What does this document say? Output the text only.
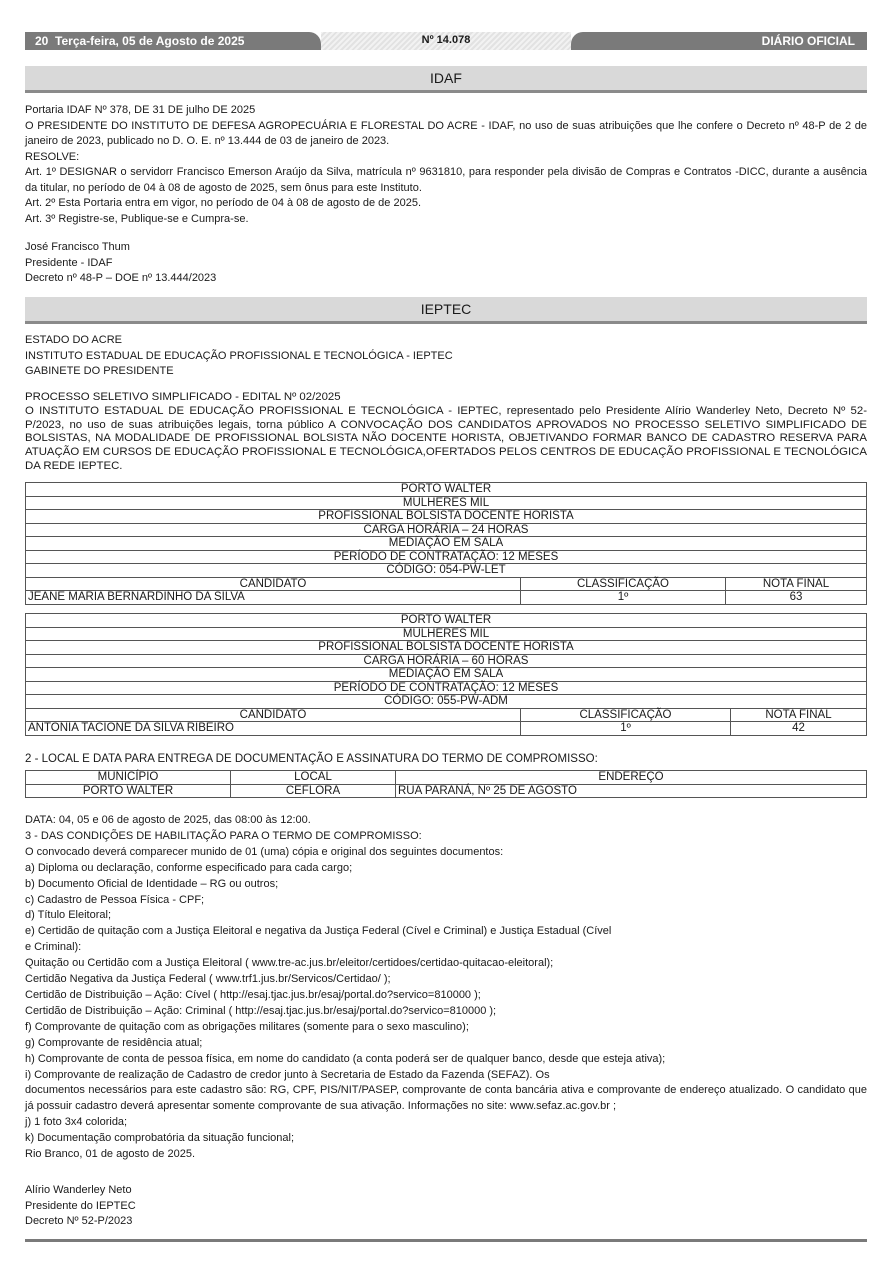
20 Terça-feira, 05 de Agosto de 2025	Nº 14.078	DIÁRIO OFICIAL
IDAF

Portaria IDAF Nº 378, DE 31 DE julho DE 2025

O PRESIDENTE DO INSTITUTO DE DEFESA AGROPECUÁRIA E FLORESTAL DO ACRE - IDAF, no uso de suas atribuições que lhe confere o Decreto nº 48-P de 2 de janeiro de 2023, publicado no D. O. E. nº 13.444 de 03 de janeiro de 2023.

RESOLVE:

Art. 1º DESIGNAR o servidorr Francisco Emerson Araújo da Silva, matrícula nº 9631810, para responder pela divisão de Compras e Contratos -DICC, durante a ausência da titular, no período de 04 à 08 de agosto de 2025, sem ônus para este Instituto.

Art. 2º Esta Portaria entra em vigor, no período de 04 à 08 de agosto de de 2025.

Art. 3º Registre-se, Publique-se e Cumpra-se.

José Francisco Thum

Presidente - IDAF

Decreto nº 48-P – DOE nº 13.444/2023

IEPTEC

ESTADO DO ACRE

INSTITUTO ESTADUAL DE EDUCAÇÃO PROFISSIONAL E TECNOLÓGICA - IEPTEC

GABINETE DO PRESIDENTE

PROCESSO SELETIVO SIMPLIFICADO - EDITAL Nº 02/2025

O INSTITUTO ESTADUAL DE EDUCAÇÃO PROFISSIONAL E TECNOLÓGICA - IEPTEC, representado pelo Presidente Alírio Wanderley Neto, Decreto Nº 52-P/2023, no uso de suas atribuições legais, torna público A CONVOCAÇÃO DOS CANDIDATOS APROVADOS NO PROCESSO SELETIVO SIMPLIFICADO DE BOLSISTAS, NA MODALIDADE DE PROFISSIONAL BOLSISTA NÃO DOCENTE HORISTA, OBJETIVANDO FORMAR BANCO DE CADASTRO RESERVA PARA ATUAÇÃO EM CURSOS DE EDUCAÇÃO PROFISSIONAL E TECNOLÓGICA,OFERTADOS PELOS CENTROS DE EDUCAÇÃO PROFISSIONAL E TECNOLÓGICA DA REDE IEPTEC.

PORTO WALTER		
MULHERES MIL		
PROFISSIONAL BOLSISTA DOCENTE HORISTA		
CARGA HORÁRIA – 24 HORAS		
MEDIAÇÃO EM SALA		
PERÍODO DE CONTRATAÇÃO: 12 MESES		
CÓDIGO: 054-PW-LET		
CANDIDATO	CLASSIFICAÇÃO	NOTA FINAL
JEANE MARIA BERNARDINHO DA SILVA	1º	63
PORTO WALTER		
MULHERES MIL		
PROFISSIONAL BOLSISTA DOCENTE HORISTA		
CARGA HORÁRIA – 60 HORAS		
MEDIAÇÃO EM SALA		
PERÍODO DE CONTRATAÇÃO: 12 MESES		
CÓDIGO: 055-PW-ADM		
CANDIDATO	CLASSIFICAÇÃO	NOTA FINAL
ANTONIA TACIONE DA SILVA RIBEIRO	1º	42
2 - LOCAL E DATA PARA ENTREGA DE DOCUMENTAÇÃO E ASSINATURA DO TERMO DE COMPROMISSO:
MUNICÍPIO	LOCAL	ENDEREÇO
PORTO WALTER	CEFLORA	RUA PARANÁ, Nº 25 DE AGOSTO

DATA: 04, 05 e 06 de agosto de 2025, das 08:00 às 12:00.

3 - DAS CONDIÇÕES DE HABILITAÇÃO PARA O TERMO DE COMPROMISSO:

O convocado deverá comparecer munido de 01 (uma) cópia e original dos seguintes documentos:

a) Diploma ou declaração, conforme especificado para cada cargo;

b) Documento Oficial de Identidade – RG ou outros;

c) Cadastro de Pessoa Física - CPF;

d) Título Eleitoral;

e) Certidão de quitação com a Justiça Eleitoral e negativa da Justiça Federal (Cível e Criminal) e Justiça Estadual (Cível

e Criminal):

Quitação ou Certidão com a Justiça Eleitoral ( www.tre-ac.jus.br/eleitor/certidoes/certidao-quitacao-eleitoral);

Certidão Negativa da Justiça Federal ( www.trf1.jus.br/Servicos/Certidao/ );

Certidão de Distribuição – Ação: Cível ( http://esaj.tjac.jus.br/esaj/portal.do?servico=810000 );

Certidão de Distribuição – Ação: Criminal ( http://esaj.tjac.jus.br/esaj/portal.do?servico=810000 );

f) Comprovante de quitação com as obrigações militares (somente para o sexo masculino);

g) Comprovante de residência atual;

h) Comprovante de conta de pessoa física, em nome do candidato (a conta poderá ser de qualquer banco, desde que esteja ativa);

i) Comprovante de realização de Cadastro de credor junto à Secretaria de Estado da Fazenda (SEFAZ). Os

documentos necessários para este cadastro são: RG, CPF, PIS/NIT/PASEP, comprovante de conta bancária ativa e comprovante de endereço atualizado. O candidato que já possuir cadastro deverá apresentar somente comprovante de sua ativação. Informações no site: www.sefaz.ac.gov.br ;

j) 1 foto 3x4 colorida;

k) Documentação comprobatória da situação funcional;

Rio Branco, 01 de agosto de 2025.

Alírio Wanderley Neto

Presidente do IEPTEC

Decreto Nº 52-P/2023
